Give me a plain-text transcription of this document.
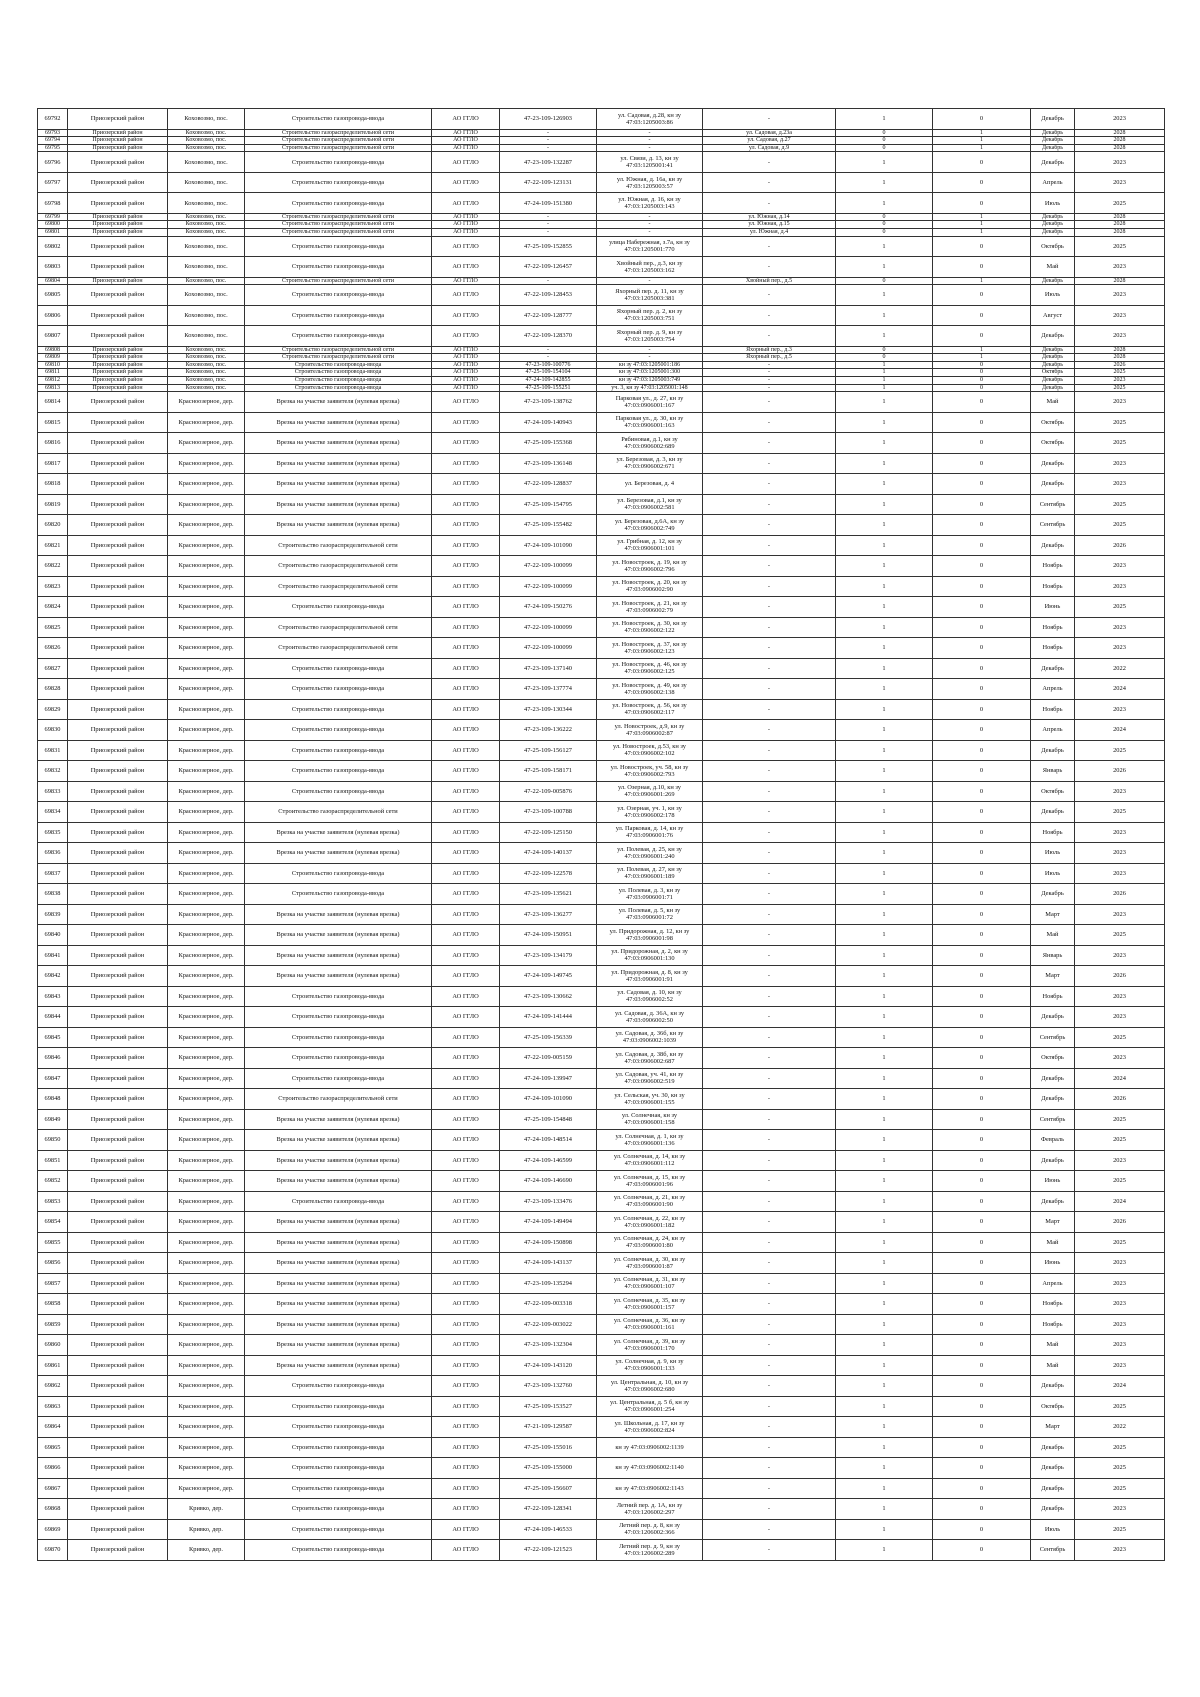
69792	Приозерский район	Коховозмо, пос.	Строительство газопровода-ввода	АО ГГЛО	47-23-109-126903	ул. Садовая, д.28, кн зу 47:03:1205003:86	-	1	0	Декабрь	2023
69793	Приозерский район	Коховозмо, пос.	Строительство газораспределительной сети	АО ГГЛО	-	-	ул. Садовая, д.23a	0	1	Декабрь	2028
69794	Приозерский район	Коховозмо, пос.	Строительство газораспределительной сети	АО ГГЛО	-	-	ул. Садовая, д.27	0	1	Декабрь	2028
69795	Приозерский район	Коховозмо, пос.	Строительство газораспределительной сети	АО ГГЛО	-	-	ул. Садовая, д.9	0	1	Декабрь	2028
69796	Приозерский район	Коховозмо, пос.	Строительство газопровода-ввода	АО ГГЛО	47-23-109-132287	ул. Связи, д. 13, кн зу 47:03:1205001:41	-	1	0	Декабрь	2023
69797	Приозерский район	Коховозмо, пос.	Строительство газопровода-ввода	АО ГГЛО	47-22-109-123131	ул. Южная, д. 16а, кн зу 47:03:1205003:57	-	1	0	Апрель	2023
69798	Приозерский район	Коховозмо, пос.	Строительство газопровода-ввода	АО ГГЛО	47-24-109-151380	ул. Южная, д. 16, кн зу 47:03:1205003:143	-	1	0	Июль	2025
69799	Приозерский район	Коховозмо, пос.	Строительство газораспределительной сети	АО ГГЛО	-	-	ул. Южная, д.14	0	1	Декабрь	2028
69800	Приозерский район	Коховозмо, пос.	Строительство газораспределительной сети	АО ГГЛО	-	-	ул. Южная, д.15	0	1	Декабрь	2028
69801	Приозерский район	Коховозмо, пос.	Строительство газораспределительной сети	АО ГГЛО	-	-	ул. Южная, д.4	0	1	Декабрь	2028
69802	Приозерский район	Коховозмо, пос.	Строительство газопровода-ввода	АО ГГЛО	47-25-109-152855	улица Набережная, з.7а, кн зу 47:03:1205001:770	-	1	0	Октябрь	2025
69803	Приозерский район	Коховозмо, пос.	Строительство газопровода-ввода	АО ГГЛО	47-22-109-126457	Хвойный пер., д.3, кн зу 47:03:1205003:162	-	1	0	Май	2023
69804	Приозерский район	Коховозмо, пос.	Строительство газораспределительной сети	АО ГГЛО	-	-	Хвойный пер., д.5	0	1	Декабрь	2028
69805	Приозерский район	Коховозмо, пос.	Строительство газопровода-ввода	АО ГГЛО	47-22-109-128453	Яхорный пер. д. 11, кн зу 47:03:1205003:381	-	1	0	Июль	2023
69806	Приозерский район	Коховозмо, пос.	Строительство газопровода-ввода	АО ГГЛО	47-22-109-128777	Яхорный пер. д. 2, кн зу 47:03:1205003:751	-	1	0	Август	2023
69807	Приозерский район	Коховозмо, пос.	Строительство газопровода-ввода	АО ГГЛО	47-22-109-128370	Яхорный пер. д. 9, кн зу 47:03:1205003:754	-	1	0	Декабрь	2023
69808	Приозерский район	Коховозмо, пос.	Строительство газораспределительной сети	АО ГГЛО	-	-	Яхорный пер., д.3	0	1	Декабрь	2028
69809	Приозерский район	Коховозмо, пос.	Строительство газораспределительной сети	АО ГГЛО	-	-	Яхорный пер., д.5	0	1	Декабрь	2028
69810	Приозерский район	Коховозмо, пос.	Строительство газопровода-ввода	АО ГГЛО	47-23-109-100776	кн зу 47:03:1205001:186	-	1	0	Декабрь	2026
69811	Приозерский район	Коховозмо, пос.	Строительство газопровода-ввода	АО ГГЛО	47-25-109-154104	кн зу 47:03:1205001:300	-	1	0	Октябрь	2025
69812	Приозерский район	Коховозмо, пос.	Строительство газопровода-ввода	АО ГГЛО	47-24-109-142855	кн зу 47:03:1205003:749	-	1	0	Декабрь	2023
69813	Приозерский район	Коховозмо, пос.	Строительство газопровода-ввода	АО ГГЛО	47-25-109-155251	уч. 3, кн зу 47:03:1205001:148	-	1	0	Декабрь	2025
69814	Приозерский район	Красноозерное, дер.	Врезка на участке заявителя (нулевая врезка)	АО ГГЛО	47-23-109-138762	Парковая ул., д. 27, кн зу 47:03:0906001:167	-	1	0	Май	2023
69815	Приозерский район	Красноозерное, дер.	Врезка на участке заявителя (нулевая врезка)	АО ГГЛО	47-24-109-140943	Парковая ул., д. 30, кн зу 47:03:0906001:163	-	1	0	Октябрь	2025
69816	Приозерский район	Красноозерное, дер.	Врезка на участке заявителя (нулевая врезка)	АО ГГЛО	47-25-109-155368	Рябиновая, д.1, кн зу 47:03:0906002:689	-	1	0	Октябрь	2025
69817	Приозерский район	Красноозерное, дер.	Врезка на участке заявителя (нулевая врезка)	АО ГГЛО	47-23-109-136148	ул. Березовая, д. 3, кн зу 47:03:0906002:671	-	1	0	Декабрь	2023
69818	Приозерский район	Красноозерное, дер.	Врезка на участке заявителя (нулевая врезка)	АО ГГЛО	47-22-109-128837	ул. Березовая, д. 4	-	1	0	Декабрь	2023
69819	Приозерский район	Красноозерное, дер.	Врезка на участке заявителя (нулевая врезка)	АО ГГЛО	47-25-109-154795	ул. Березовая, д.1, кн зу 47:03:0906002:581	-	1	0	Сентябрь	2025
69820	Приозерский район	Красноозерное, дер.	Врезка на участке заявителя (нулевая врезка)	АО ГГЛО	47-25-109-155482	ул. Березовая, д.6А, кн зу 47:03:0906002:749	-	1	0	Сентябрь	2025
69821	Приозерский район	Красноозерное, дер.	Строительство газораспределительной сети	АО ГГЛО	47-24-109-101090	ул. Грибная, д. 12, кн зу 47:03:0906001:101	-	1	0	Декабрь	2026
69822	Приозерский район	Красноозерное, дер.	Строительство газораспределительной сети	АО ГГЛО	47-22-109-100099	ул. Новостроек, д. 19, кн зу 47:03:0906002:796	-	1	0	Ноябрь	2023
69823	Приозерский район	Красноозерное, дер.	Строительство газораспределительной сети	АО ГГЛО	47-22-109-100099	ул. Новостроек, д. 20, кн зу 47:03:0906002:90	-	1	0	Ноябрь	2023
69824	Приозерский район	Красноозерное, дер.	Строительство газопровода-ввода	АО ГГЛО	47-24-109-150276	ул. Новостроек, д. 21, кн зу 47:03:0906002:79	-	1	0	Июнь	2025
69825	Приозерский район	Красноозерное, дер.	Строительство газораспределительной сети	АО ГГЛО	47-22-109-100099	ул. Новостроек, д. 30, кн зу 47:03:0906002:122	-	1	0	Ноябрь	2023
69826	Приозерский район	Красноозерное, дер.	Строительство газораспределительной сети	АО ГГЛО	47-22-109-100099	ул. Новостроек, д. 37, кн зу 47:03:0906002:123	-	1	0	Ноябрь	2023
69827	Приозерский район	Красноозерное, дер.	Строительство газопровода-ввода	АО ГГЛО	47-23-109-137140	ул. Новостроек, д. 46, кн зу 47:03:0906002:125	-	1	0	Декабрь	2022
69828	Приозерский район	Красноозерное, дер.	Строительство газопровода-ввода	АО ГГЛО	47-23-109-137774	ул. Новостроек, д. 49, кн зу 47:03:0906002:138	-	1	0	Апрель	2024
69829	Приозерский район	Красноозерное, дер.	Строительство газопровода-ввода	АО ГГЛО	47-23-109-130344	ул. Новостроек, д. 56, кн зу 47:03:0906002:117	-	1	0	Ноябрь	2023
69830	Приозерский район	Красноозерное, дер.	Строительство газопровода-ввода	АО ГГЛО	47-23-109-136222	ул. Новостроек, д.9, кн зу 47:03:0906002:87	-	1	0	Апрель	2024
69831	Приозерский район	Красноозерное, дер.	Строительство газопровода-ввода	АО ГГЛО	47-25-109-156127	ул. Новостроек, д.53, кн зу 47:03:0906002:102	-	1	0	Декабрь	2025
69832	Приозерский район	Красноозерное, дер.	Строительство газопровода-ввода	АО ГГЛО	47-25-109-158171	ул. Новостроек, уч. 58, кн зу 47:03:0906002:793	-	1	0	Январь	2026
69833	Приозерский район	Красноозерное, дер.	Строительство газопровода-ввода	АО ГГЛО	47-22-109-005876	ул. Озерная, д.10, кн зу 47:03:0906001:269	-	1	0	Октябрь	2023
69834	Приозерский район	Красноозерное, дер.	Строительство газораспределительной сети	АО ГГЛО	47-23-109-100788	ул. Озерная, уч. 1, кн зу 47:03:0906002:178	-	1	0	Декабрь	2025
69835	Приозерский район	Красноозерное, дер.	Врезка на участке заявителя (нулевая врезка)	АО ГГЛО	47-22-109-125150	ул. Парковая, д. 14, кн зу 47:03:0906001:76	-	1	0	Ноябрь	2023
69836	Приозерский район	Красноозерное, дер.	Врезка на участке заявителя (нулевая врезка)	АО ГГЛО	47-24-109-140137	ул. Полевая, д. 25, кн зу 47:03:0906001:240	-	1	0	Июль	2023
69837	Приозерский район	Красноозерное, дер.	Строительство газопровода-ввода	АО ГГЛО	47-22-109-122578	ул. Полевая, д. 27, кн зу 47:03:0906001:189	-	1	0	Июль	2023
69838	Приозерский район	Красноозерное, дер.	Строительство газопровода-ввода	АО ГГЛО	47-23-109-135621	ул. Полевая, д. 3, кн зу 47:03:0906001:71	-	1	0	Декабрь	2026
69839	Приозерский район	Красноозерное, дер.	Врезка на участке заявителя (нулевая врезка)	АО ГГЛО	47-23-109-136277	ул. Полевая, д. 5, кн зу 47:03:0906001:72	-	1	0	Март	2023
69840	Приозерский район	Красноозерное, дер.	Врезка на участке заявителя (нулевая врезка)	АО ГГЛО	47-24-109-150951	ул. Придорожная, д. 12, кн зу 47:03:0906001:98	-	1	0	Май	2025
69841	Приозерский район	Красноозерное, дер.	Врезка на участке заявителя (нулевая врезка)	АО ГГЛО	47-23-109-134179	ул. Придорожная, д. 2, кн зу 47:03:0906001:130	-	1	0	Январь	2023
69842	Приозерский район	Красноозерное, дер.	Врезка на участке заявителя (нулевая врезка)	АО ГГЛО	47-24-109-149745	ул. Придорожная, д. 8, кн зу 47:03:0906001:91	-	1	0	Март	2026
69843	Приозерский район	Красноозерное, дер.	Строительство газопровода-ввода	АО ГГЛО	47-23-109-130662	ул. Садовая, д. 10, кн зу 47:03:0906002:52	-	1	0	Ноябрь	2023
69844	Приозерский район	Красноозерное, дер.	Строительство газопровода-ввода	АО ГГЛО	47-24-109-141444	ул. Садовая, д. 36А, кн зу 47:03:0906002:50	-	1	0	Декабрь	2023
69845	Приозерский район	Красноозерное, дер.	Строительство газопровода-ввода	АО ГГЛО	47-25-109-156339	ул. Садовая, д. 36б, кн зу 47:03:0906002:1039	-	1	0	Сентябрь	2025
69846	Приозерский район	Красноозерное, дер.	Строительство газопровода-ввода	АО ГГЛО	47-22-109-005159	ул. Садовая, д. 38б, кн зу 47:03:0906002:687	-	1	0	Октябрь	2023
69847	Приозерский район	Красноозерное, дер.	Строительство газопровода-ввода	АО ГГЛО	47-24-109-139947	ул. Садовая, уч. 41, кн зу 47:03:0906002:519	-	1	0	Декабрь	2024
69848	Приозерский район	Красноозерное, дер.	Строительство газораспределительной сети	АО ГГЛО	47-24-109-101090	ул. Сельская, уч. 30, кн зу 47:03:0906001:155	-	1	0	Декабрь	2026
69849	Приозерский район	Красноозерное, дер.	Врезка на участке заявителя (нулевая врезка)	АО ГГЛО	47-25-109-154848	ул. Солнечная, кн зу 47:03:0906001:158	-	1	0	Сентябрь	2025
69850	Приозерский район	Красноозерное, дер.	Врезка на участке заявителя (нулевая врезка)	АО ГГЛО	47-24-109-148514	ул. Солнечная, д. 1, кн зу 47:03:0906001:136	-	1	0	Февраль	2025
69851	Приозерский район	Красноозерное, дер.	Врезка на участке заявителя (нулевая врезка)	АО ГГЛО	47-24-109-146599	ул. Солнечная, д. 14, кн зу 47:03:0906001:112	-	1	0	Декабрь	2023
69852	Приозерский район	Красноозерное, дер.	Врезка на участке заявителя (нулевая врезка)	АО ГГЛО	47-24-109-146690	ул. Солнечная, д. 15, кн зу 47:03:0906001:96	-	1	0	Июнь	2025
69853	Приозерский район	Красноозерное, дер.	Строительство газопровода-ввода	АО ГГЛО	47-23-109-133476	ул. Солнечная, д. 21, кн зу 47:03:0906001:90	-	1	0	Декабрь	2024
69854	Приозерский район	Красноозерное, дер.	Врезка на участке заявителя (нулевая врезка)	АО ГГЛО	47-24-109-149494	ул. Солнечная, д. 22, кн зу 47:03:0906001:182	-	1	0	Март	2026
69855	Приозерский район	Красноозерное, дер.	Врезка на участке заявителя (нулевая врезка)	АО ГГЛО	47-24-109-150898	ул. Солнечная, д. 24, кн зу 47:03:0906001:80	-	1	0	Май	2025
69856	Приозерский район	Красноозерное, дер.	Врезка на участке заявителя (нулевая врезка)	АО ГГЛО	47-24-109-143137	ул. Солнечная, д. 30, кн зу 47:03:0906001:87	-	1	0	Июнь	2023
69857	Приозерский район	Красноозерное, дер.	Врезка на участке заявителя (нулевая врезка)	АО ГГЛО	47-23-109-135294	ул. Солнечная, д. 31, кн зу 47:03:0906001:107	-	1	0	Апрель	2023
69858	Приозерский район	Красноозерное, дер.	Врезка на участке заявителя (нулевая врезка)	АО ГГЛО	47-22-109-003318	ул. Солнечная, д. 35, кн зу 47:03:0906001:157	-	1	0	Ноябрь	2023
69859	Приозерский район	Красноозерное, дер.	Врезка на участке заявителя (нулевая врезка)	АО ГГЛО	47-22-109-003022	ул. Солнечная, д. 36, кн зу 47:03:0906001:161	-	1	0	Ноябрь	2023
69860	Приозерский район	Красноозерное, дер.	Врезка на участке заявителя (нулевая врезка)	АО ГГЛО	47-23-109-132304	ул. Солнечная, д. 39, кн зу 47:03:0906001:170	-	1	0	Май	2023
69861	Приозерский район	Красноозерное, дер.	Врезка на участке заявителя (нулевая врезка)	АО ГГЛО	47-24-109-143120	ул. Солнечная, д. 9, кн зу 47:03:0906001:133	-	1	0	Май	2023
69862	Приозерский район	Красноозерное, дер.	Строительство газопровода-ввода	АО ГГЛО	47-23-109-132760	ул. Центральная, д. 10, кн зу 47:03:0906002:680	-	1	0	Декабрь	2024
69863	Приозерский район	Красноозерное, дер.	Строительство газопровода-ввода	АО ГГЛО	47-25-109-153527	ул. Центральная, д. 5 б, кн зу 47:03:0906001:254	-	1	0	Октябрь	2025
69864	Приозерский район	Красноозерное, дер.	Строительство газопровода-ввода	АО ГГЛО	47-21-109-129587	ул. Школьная, д. 17, кн зу 47:03:0906002:824	-	1	0	Март	2022
69865	Приозерский район	Красноозерное, дер.	Строительство газопровода-ввода	АО ГГЛО	47-25-109-155016	кн зу 47:03:0906002:1139	-	1	0	Декабрь	2025
69866	Приозерский район	Красноозерное, дер.	Строительство газопровода-ввода	АО ГГЛО	47-25-109-155000	кн зу 47:03:0906002:1140	-	1	0	Декабрь	2025
69867	Приозерский район	Красноозерное, дер.	Строительство газопровода-ввода	АО ГГЛО	47-25-109-156607	кн зу 47:03:0906002:1143	-	1	0	Декабрь	2025
69868	Приозерский район	Кривко, дер.	Строительство газопровода-ввода	АО ГГЛО	47-22-109-128341	Летний пер. д. 1А, кн зу 47:03:1206002:297	-	1	0	Декабрь	2023
69869	Приозерский район	Кривко, дер.	Строительство газопровода-ввода	АО ГГЛО	47-24-109-146533	Летний пер. д. 8, кн зу 47:03:1206002:366	-	1	0	Июль	2025
69870	Приозерский район	Кривко, дер.	Строительство газопровода-ввода	АО ГГЛО	47-22-109-121523	Летний пер. д. 9, кн зу 47:03:1206002:289	-	1	0	Сентябрь	2023
